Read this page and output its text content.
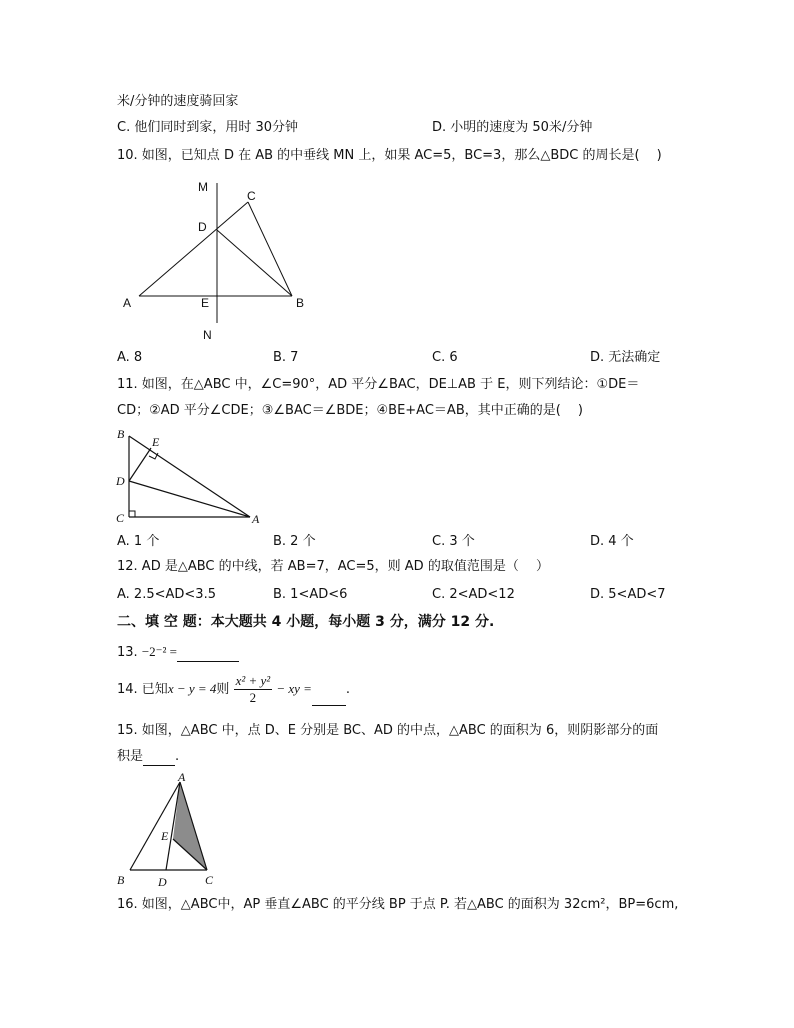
米/分钟的速度骑回家
C. 他们同时到家，用时 30分钟	D. 小明的速度为 50米/分钟
10. 如图，已知点 D 在 AB 的中垂线 MN 上，如果 AC=5，BC=3，那么△BDC 的周长是(　 )
M
C
D
A	E	B
N
A. 8	B. 7	C. 6	D. 无法确定
11. 如图，在△ABC 中，∠C=90°，AD 平分∠BAC，DE⊥AB 于 E，则下列结论：①DE＝
CD；②AD 平分∠CDE；③∠BAC＝∠BDE；④BE+AC＝AB，其中正确的是(　 )
B
E
D
C	A
A. 1 个	B. 2 个	C. 3 个	D. 4 个
12. AD 是△ABC 的中线，若 AB=7，AC=5，则 AD 的取值范围是（　 ）
A. 2.5<AD<3.5	B. 1<AD<6	C. 2<AD<12	D. 5<AD<7
二、填 空 题：本大题共 4 小题，每小题 3 分，满分 12 分.
13. −2⁻² =
14. 已知x − y = 4则 $\frac{\text{x² + y²}}{2}$ − xy =	.
15. 如图，△ABC 中，点 D、E 分别是 BC、AD 的中点，△ABC 的面积为 6，则阴影部分的面
积是 .
A
E
B	D	C
16. 如图，△ABC中，AP 垂直∠ABC 的平分线 BP 于点 P. 若△ABC 的面积为 32cm²，BP=6cm,
